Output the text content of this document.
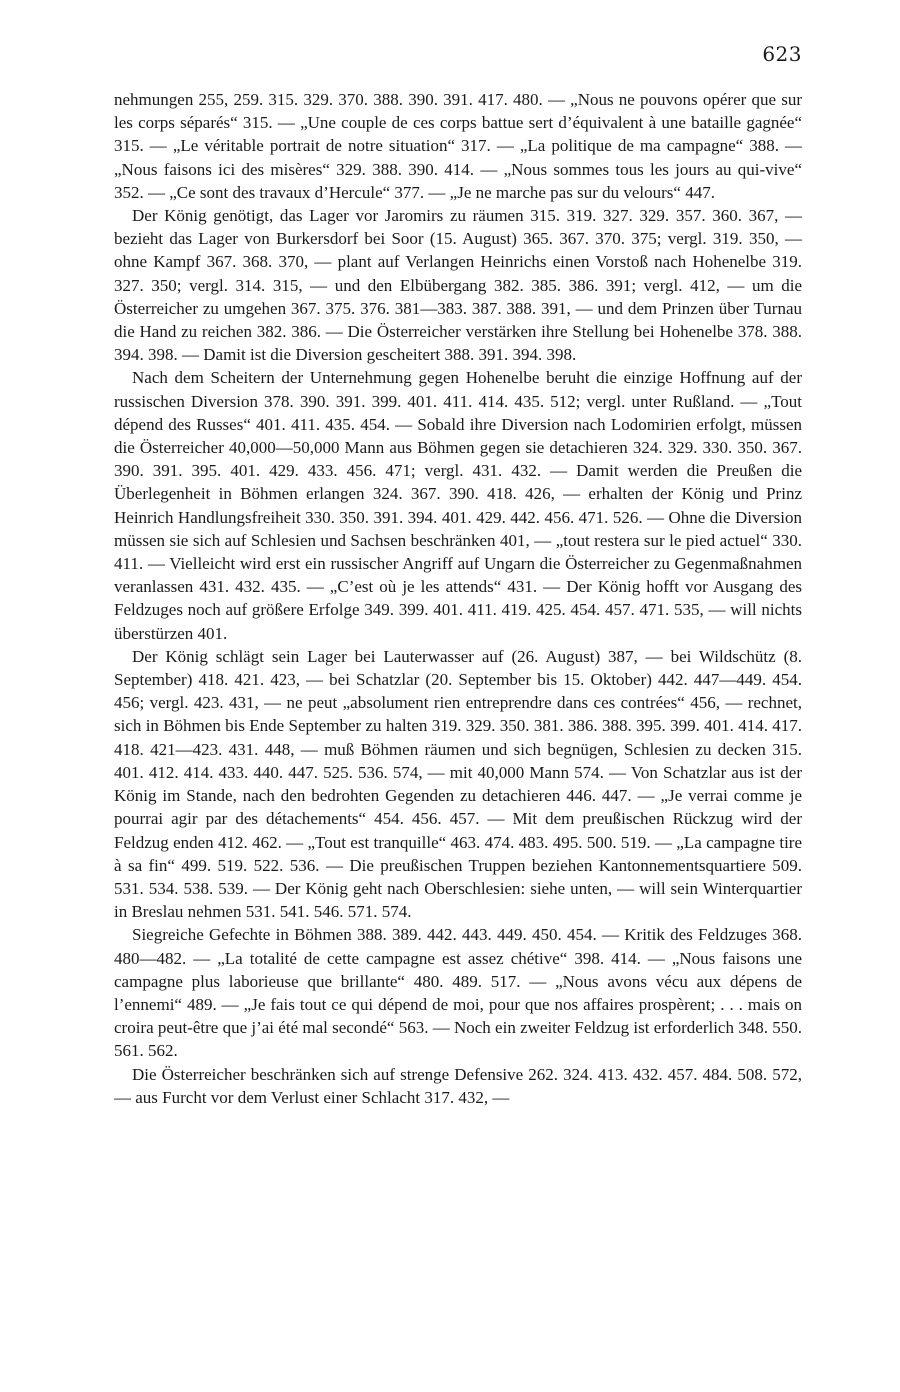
623

nehmungen 255, 259. 315. 329. 370. 388. 390. 391. 417. 480. — „Nous ne pouvons opérer que sur les corps séparés“ 315. — „Une couple de ces corps battue sert d’équivalent à une bataille gagnée“ 315. — „Le véritable portrait de notre situation“ 317. — „La politique de ma campagne“ 388. — „Nous faisons ici des misères“ 329. 388. 390. 414. — „Nous sommes tous les jours au qui-vive“ 352. — „Ce sont des travaux d’Hercule“ 377. — „Je ne marche pas sur du velours“ 447.

Der König genötigt, das Lager vor Jaromirs zu räumen 315. 319. 327. 329. 357. 360. 367, — bezieht das Lager von Burkersdorf bei Soor (15. August) 365. 367. 370. 375; vergl. 319. 350, — ohne Kampf 367. 368. 370, — plant auf Verlangen Heinrichs einen Vorstoß nach Hohenelbe 319. 327. 350; vergl. 314. 315, — und den Elbübergang 382. 385. 386. 391; vergl. 412, — um die Österreicher zu umgehen 367. 375. 376. 381—383. 387. 388. 391, — und dem Prinzen über Turnau die Hand zu reichen 382. 386. — Die Österreicher verstärken ihre Stellung bei Hohenelbe 378. 388. 394. 398. — Damit ist die Diversion gescheitert 388. 391. 394. 398.

Nach dem Scheitern der Unternehmung gegen Hohenelbe beruht die einzige Hoffnung auf der russischen Diversion 378. 390. 391. 399. 401. 411. 414. 435. 512; vergl. unter Rußland. — „Tout dépend des Russes“ 401. 411. 435. 454. — Sobald ihre Diversion nach Lodomirien erfolgt, müssen die Österreicher 40,000—50,000 Mann aus Böhmen gegen sie detachieren 324. 329. 330. 350. 367. 390. 391. 395. 401. 429. 433. 456. 471; vergl. 431. 432. — Damit werden die Preußen die Überlegenheit in Böhmen erlangen 324. 367. 390. 418. 426, — erhalten der König und Prinz Heinrich Handlungsfreiheit 330. 350. 391. 394. 401. 429. 442. 456. 471. 526. — Ohne die Diversion müssen sie sich auf Schlesien und Sachsen beschränken 401, — „tout restera sur le pied actuel“ 330. 411. — Vielleicht wird erst ein russischer Angriff auf Ungarn die Österreicher zu Gegenmaßnahmen veranlassen 431. 432. 435. — „C’est où je les attends“ 431. — Der König hofft vor Ausgang des Feldzuges noch auf größere Erfolge 349. 399. 401. 411. 419. 425. 454. 457. 471. 535, — will nichts überstürzen 401.

Der König schlägt sein Lager bei Lauterwasser auf (26. August) 387, — bei Wildschütz (8. September) 418. 421. 423, — bei Schatzlar (20. September bis 15. Oktober) 442. 447—449. 454. 456; vergl. 423. 431, — ne peut „absolument rien entreprendre dans ces contrées“ 456, — rechnet, sich in Böhmen bis Ende September zu halten 319. 329. 350. 381. 386. 388. 395. 399. 401. 414. 417. 418. 421—423. 431. 448, — muß Böhmen räumen und sich begnügen, Schlesien zu decken 315. 401. 412. 414. 433. 440. 447. 525. 536. 574, — mit 40,000 Mann 574. — Von Schatzlar aus ist der König im Stande, nach den bedrohten Gegenden zu detachieren 446. 447. — „Je verrai comme je pourrai agir par des détachements“ 454. 456. 457. — Mit dem preußischen Rückzug wird der Feldzug enden 412. 462. — „Tout est tranquille“ 463. 474. 483. 495. 500. 519. — „La campagne tire à sa fin“ 499. 519. 522. 536. — Die preußischen Truppen beziehen Kantonnementsquartiere 509. 531. 534. 538. 539. — Der König geht nach Oberschlesien: siehe unten, — will sein Winterquartier in Breslau nehmen 531. 541. 546. 571. 574.

Siegreiche Gefechte in Böhmen 388. 389. 442. 443. 449. 450. 454. — Kritik des Feldzuges 368. 480—482. — „La totalité de cette campagne est assez chétive“ 398. 414. — „Nous faisons une campagne plus laborieuse que brillante“ 480. 489. 517. — „Nous avons vécu aux dépens de l’ennemi“ 489. — „Je fais tout ce qui dépend de moi, pour que nos affaires prospèrent; . . . mais on croira peut-être que j’ai été mal secondé“ 563. — Noch ein zweiter Feldzug ist erforderlich 348. 550. 561. 562.

Die Österreicher beschränken sich auf strenge Defensive 262. 324. 413. 432. 457. 484. 508. 572, — aus Furcht vor dem Verlust einer Schlacht 317. 432, —
